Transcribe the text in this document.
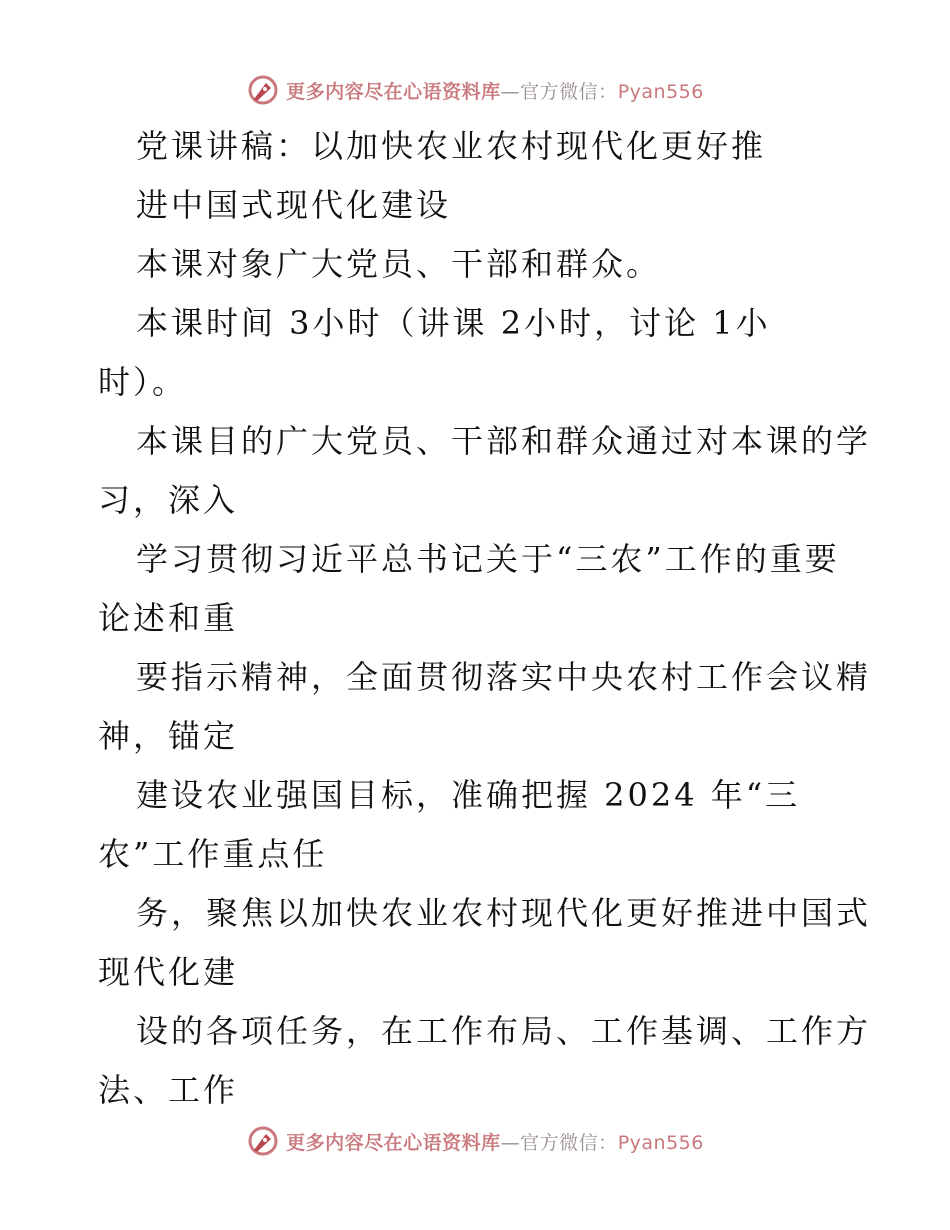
更多内容尽在心语资料库—官方微信：Pyan556
党课讲稿：以加快农业农村现代化更好推
进中国式现代化建设
本课对象广大党员、干部和群众。
本课时间 3小时（讲课 2小时，讨论 1小
时）。
本课目的广大党员、干部和群众通过对本课的学
习，深入
学习贯彻习近平总书记关于“三农”工作的重要
论述和重
要指示精神，全面贯彻落实中央农村工作会议精
神，锚定
建设农业强国目标，准确把握 2024 年“三
农”工作重点任
务，聚焦以加快农业农村现代化更好推进中国式
现代化建
设的各项任务，在工作布局、工作基调、工作方
法、工作
更多内容尽在心语资料库—官方微信：Pyan556
